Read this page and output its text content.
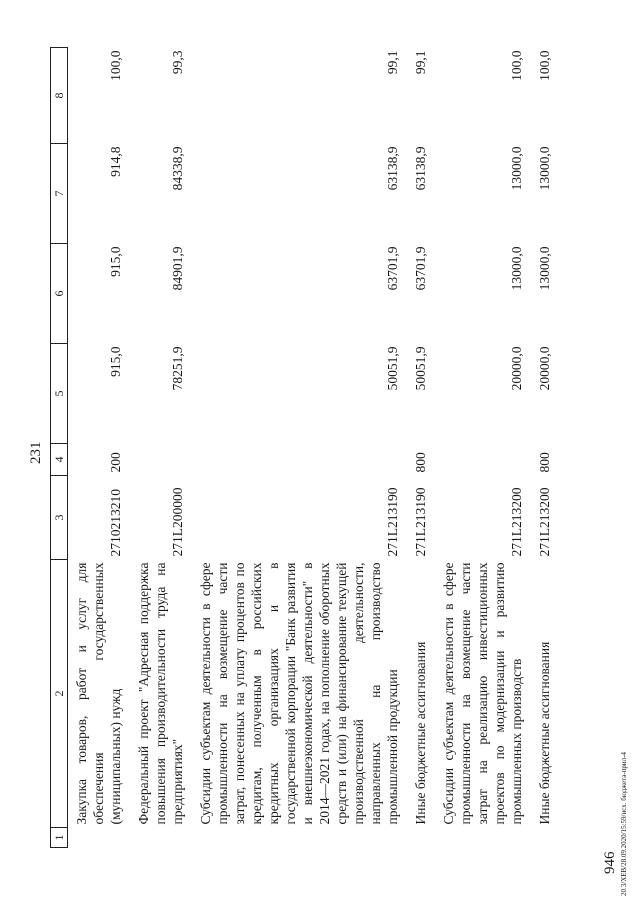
231
1	2	3	4	5	6	7	8
	Закупка товаров, работ и услуг для обеспечения государственных (муниципальных) нужд	2710213210	200	915,0	915,0	914,8	100,0
	Федеральный проект "Адресная поддержка повышения производительности труда на предприятиях"	271L200000		78251,9	84901,9	84338,9	99,3
	Субсидии субъектам деятельности в сфере промышленности на возмещение части затрат, понесенных на уплату процентов по кредитам, полученным в российских кредитных организациях и в государственной корпорации "Банк развития и внешнеэкономической деятельности" в 2014—2021 годах, на пополнение оборотных средств и (или) на финансирование текущей производственной деятельности, направленных на производство промышленной продукции	271L213190		50051,9	63701,9	63138,9	99,1
	Иные бюджетные ассигнования	271L213190	800	50051,9	63701,9	63138,9	99,1
	Субсидии субъектам деятельности в сфере промышленности на возмещение части затрат на реализацию инвестиционных проектов по модернизации и развитию промышленных производств	271L213200		20000,0	13000,0	13000,0	100,0
	Иные бюджетные ассигнования	271L213200	800	20000,0	13000,0	13000,0	100,0
946 20.3/XEB/28.09.2020/15:59/исх. бюджета-прил-4
